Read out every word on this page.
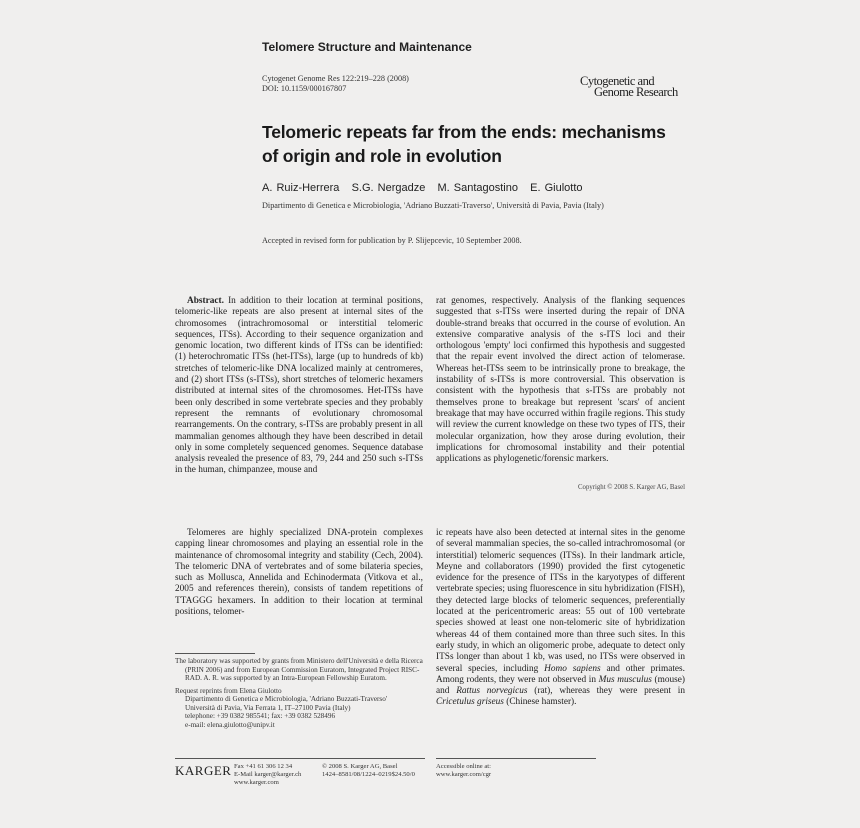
Telomere Structure and Maintenance
Cytogenet Genome Res 122:219–228 (2008)
DOI: 10.1159/000167807
Cytogenetic and
Genome Research
Telomeric repeats far from the ends: mechanisms of origin and role in evolution
A. Ruiz-Herrera   S.G. Nergadze   M. Santagostino   E. Giulotto
Dipartimento di Genetica e Microbiologia, 'Adriano Buzzati-Traverso', Università di Pavia, Pavia (Italy)
Accepted in revised form for publication by P. Slijepcevic, 10 September 2008.

Abstract. In addition to their location at terminal positions, telomeric-like repeats are also present at internal sites of the chromosomes (intrachromosomal or interstitial telomeric sequences, ITSs). According to their sequence organization and genomic location, two different kinds of ITSs can be identified: (1) heterochromatic ITSs (het-ITSs), large (up to hundreds of kb) stretches of telomeric-like DNA localized mainly at centromeres, and (2) short ITSs (s-ITSs), short stretches of telomeric hexamers distributed at internal sites of the chromosomes. Het-ITSs have been only described in some vertebrate species and they probably represent the remnants of evolutionary chromosomal rearrangements. On the contrary, s-ITSs are probably present in all mammalian genomes although they have been described in detail only in some completely sequenced genomes. Sequence database analysis revealed the presence of 83, 79, 244 and 250 such s-ITSs in the human, chimpanzee, mouse and

rat genomes, respectively. Analysis of the flanking sequences suggested that s-ITSs were inserted during the repair of DNA double-strand breaks that occurred in the course of evolution. An extensive comparative analysis of the s-ITS loci and their orthologous 'empty' loci confirmed this hypothesis and suggested that the repair event involved the direct action of telomerase. Whereas het-ITSs seem to be intrinsically prone to breakage, the instability of s-ITSs is more controversial. This observation is consistent with the hypothesis that s-ITSs are probably not themselves prone to breakage but represent 'scars' of ancient breakage that may have occurred within fragile regions. This study will review the current knowledge on these two types of ITS, their molecular organization, how they arose during evolution, their implications for chromosomal instability and their potential applications as phylogenetic/forensic markers.

Copyright © 2008 S. Karger AG, Basel

Telomeres are highly specialized DNA-protein complexes capping linear chromosomes and playing an essential role in the maintenance of chromosomal integrity and stability (Cech, 2004). The telomeric DNA of vertebrates and of some bilateria species, such as Mollusca, Annelida and Echinodermata (Vitkova et al., 2005 and references therein), consists of tandem repetitions of TTAGGG hexamers. In addition to their location at terminal positions, telomer-

ic repeats have also been detected at internal sites in the genome of several mammalian species, the so-called intrachromosomal (or interstitial) telomeric sequences (ITSs). In their landmark article, Meyne and collaborators (1990) provided the first cytogenetic evidence for the presence of ITSs in the karyotypes of different vertebrate species; using fluorescence in situ hybridization (FISH), they detected large blocks of telomeric sequences, preferentially located at the pericentromeric areas: 55 out of 100 vertebrate species showed at least one non-telomeric site of hybridization whereas 44 of them contained more than three such sites. In this early study, in which an oligomeric probe, adequate to detect only ITSs longer than about 1 kb, was used, no ITSs were observed in several species, including Homo sapiens and other primates. Among rodents, they were not observed in Mus musculus (mouse) and Rattus norvegicus (rat), whereas they were present in Cricetulus griseus (Chinese hamster).

The laboratory was supported by grants from Ministero dell'Università e della Ricerca (PRIN 2006) and from European Commission Euratom, Integrated Project RISC-RAD. A. R. was supported by an Intra-European Fellowship Euratom.

Request reprints from Elena Giulotto

Dipartimento di Genetica e Microbiologia, 'Adriano Buzzati-Traverso'

Università di Pavia, Via Ferrata 1, IT–27100 Pavia (Italy)

telephone: +39 0382 985541; fax: +39 0382 528496

e-mail: elena.giulotto@unipv.it

KARGER Fax +41 61 306 12 34
E-Mail karger@karger.ch
www.karger.com
© 2008 S. Karger AG, Basel
1424–8581/08/1224–0219$24.50/0
Accessible online at:
www.karger.com/cgr
